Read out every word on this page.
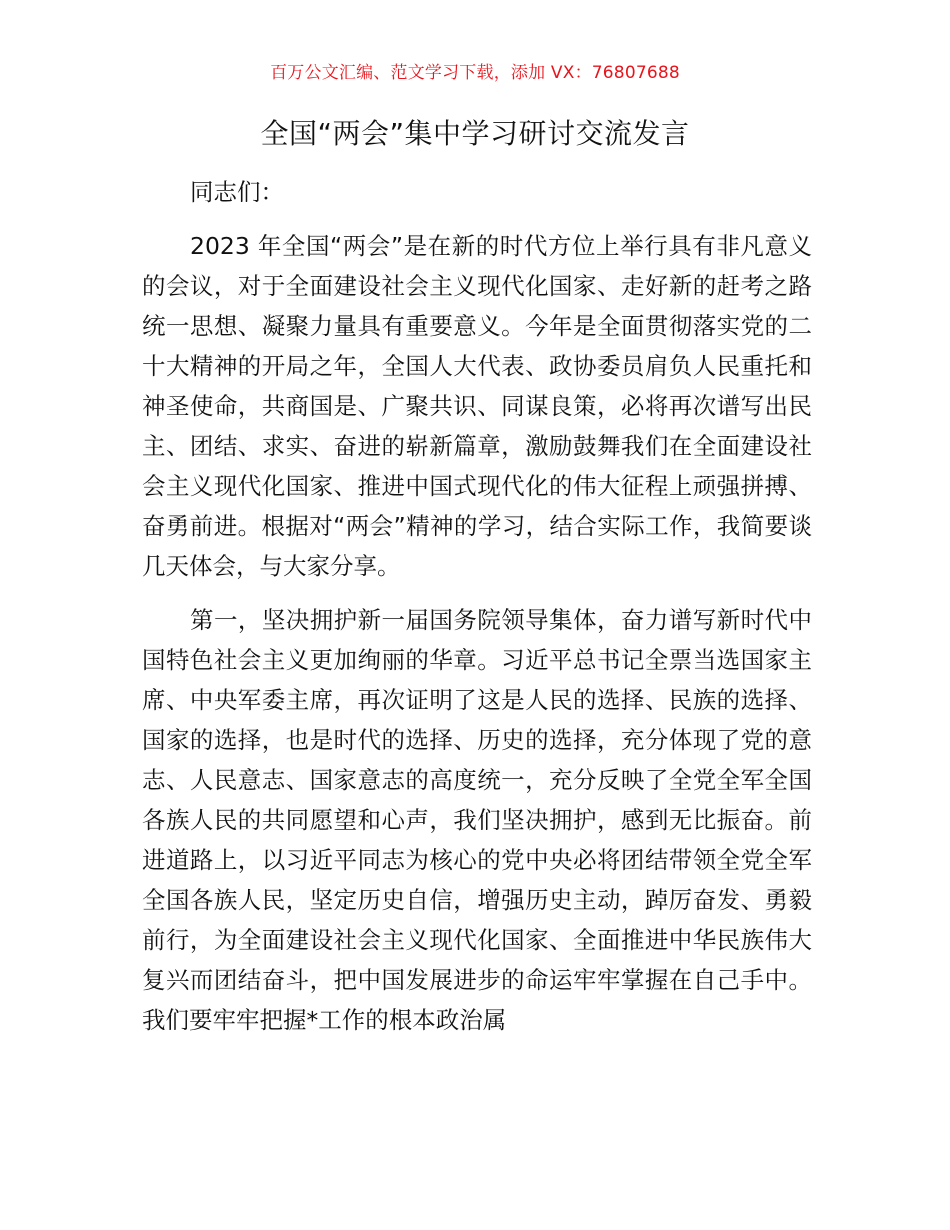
百万公文汇编、范文学习下载，添加 VX：76807688
全国“两会”集中学习研讨交流发言
同志们：

2023 年全国“两会”是在新的时代方位上举行具有非凡意义的会议，对于全面建设社会主义现代化国家、走好新的赶考之路统一思想、凝聚力量具有重要意义。今年是全面贯彻落实党的二十大精神的开局之年，全国人大代表、政协委员肩负人民重托和神圣使命，共商国是、广聚共识、同谋良策，必将再次谱写出民主、团结、求实、奋进的崭新篇章，激励鼓舞我们在全面建设社会主义现代化国家、推进中国式现代化的伟大征程上顽强拼搏、奋勇前进。根据对“两会”精神的学习，结合实际工作，我简要谈几天体会，与大家分享。

第一，坚决拥护新一届国务院领导集体，奋力谱写新时代中国特色社会主义更加绚丽的华章。习近平总书记全票当选国家主席、中央军委主席，再次证明了这是人民的选择、民族的选择、国家的选择，也是时代的选择、历史的选择，充分体现了党的意志、人民意志、国家意志的高度统一，充分反映了全党全军全国各族人民的共同愿望和心声，我们坚决拥护，感到无比振奋。前进道路上，以习近平同志为核心的党中央必将团结带领全党全军全国各族人民，坚定历史自信，增强历史主动，踔厉奋发、勇毅前行，为全面建设社会主义现代化国家、全面推进中华民族伟大复兴而团结奋斗，把中国发展进步的命运牢牢掌握在自己手中。我们要牢牢把握*工作的根本政治属
